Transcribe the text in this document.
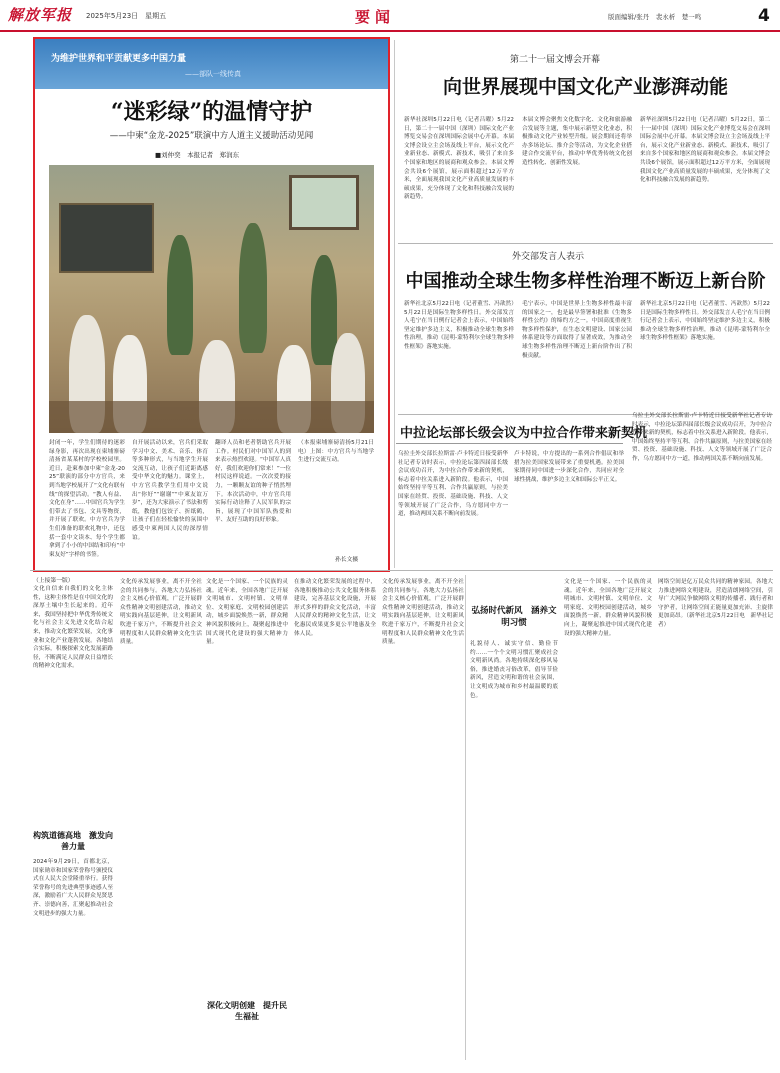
解放军报 2025年5月23日　星期五	要闻	版面编辑/张丹　裴永析　楚一鸣	4
为维护世界和平贡献更多中国力量
——部队一线传真
“迷彩绿”的温情守护
——中柬“金龙-2025”联演中方人道主义援助活动见闻
■刘仲奕　本报记者　郑润东
封闭一年，学生们期待的迷彩绿身影，再次出现在柬埔寨磅清扬省某某村的学校校园里。近日，赴柬参加中柬“金龙-2025”联演的部分中方官兵，来到当地学校展开了“文化有联有线”的探望活动。“教人有益、文化在身”……中国官兵为学生们带去了书包、文具等物资，并开展了联欢。中方官兵为学生们准备的联欢礼物中，还包括一套中文读本、每个学生都拿到了小小的中国结和印有“中柬友好”字样的书签。
自开展活动以来，官兵们采取学习中文、美术、音乐、体育等多种形式，与当地学生开展交流互动，让孩子们近距离感受中华文化的魅力。课堂上，中方官兵教学生们用中文说出“你好”“谢谢”“中柬友谊万岁”，还为大家演示了书法和剪纸，教他们包饺子、折纸鹤，让孩子们在轻松愉快的氛围中感受中柬两国人民的深厚情谊。
翻译人员和老者帮助官兵开展工作。村民们对中国军人的到来表示热烈欢迎。“中国军人真好，我们欢迎你们常来！”一位村民这样说道。一次次爱的接力，一颗颗友谊的种子悄然埋下。本次活动中，中方官兵用实际行动诠释了人民军队的宗旨，展现了中国军队热爱和平、友好互助的良好形象。
（本报柬埔寨磅清扬5月21日电）上图：中方官兵与当地学生进行交流互动。
孙长文摄
第二十一届文博会开幕
向世界展现中国文化产业澎湃动能
新华社深圳5月22日电（记者吕曜）5月22日，第二十一届中国（深圳）国际文化产业博览交易会在深圳国际会展中心开幕。本届文博会设立主会场及线上平台，展示文化产业新业态、新模式、新技术，吸引了来自多个国家和地区的展商和观众参会。本届文博会共设6个展馆，展示面积超过12万平方米，全面展现我国文化产业高质量发展的丰硕成果，充分体现了文化和科技融合发展的新趋势。
本届文博会聚焦文化数字化、文化和旅游融合发展等主题，集中展示新型文化业态，积极推动文化产业转型升级。展会期间还将举办多场论坛、推介会等活动，为文化企业搭建合作交流平台，推动中华优秀传统文化创造性转化、创新性发展。
新华社深圳5月22日电（记者吕曜）5月22日，第二十一届中国（深圳）国际文化产业博览交易会在深圳国际会展中心开幕。本届文博会设立主会场及线上平台，展示文化产业新业态、新模式、新技术，吸引了来自多个国家和地区的展商和观众参会。本届文博会共设6个展馆，展示面积超过12万平方米，全面展现我国文化产业高质量发展的丰硕成果，充分体现了文化和科技融合发展的新趋势。
外交部发言人表示
中国推动全球生物多样性治理不断迈上新台阶
新华社北京5月22日电（记者董雪、冯歆然）5月22日是国际生物多样性日。外交部发言人毛宁在当日例行记者会上表示，中国始终坚定维护多边主义，积极推动全球生物多样性治理，推动《昆明-蒙特利尔全球生物多样性框架》落地实施。
毛宁表示，中国是世界上生物多样性最丰富的国家之一，也是最早签署和批准《生物多样性公约》的缔约方之一。中国高度重视生物多样性保护，在生态文明建设、国家公园体系建设等方面取得了显著成效，为推动全球生物多样性治理不断迈上新台阶作出了积极贡献。
新华社北京5月22日电（记者董雪、冯歆然）5月22日是国际生物多样性日。外交部发言人毛宁在当日例行记者会上表示，中国始终坚定维护多边主义，积极推动全球生物多样性治理，推动《昆明-蒙特利尔全球生物多样性框架》落地实施。
中拉论坛部长级会议为中拉合作带来新契机
乌拉圭外交部长拉斯雷·卢卡特近日接受新华社记者专访时表示，中拉论坛第四届部长级会议成功召开，为中拉合作带来新的契机，标志着中拉关系进入新阶段。他表示，中国始终坚持平等互利、合作共赢原则，与拉美国家在经贸、投资、基础设施、科技、人文等领域开展了广泛合作，乌方愿同中方一道，推动两国关系不断向前发展。
卢卡特说，中方提出的一系列合作倡议和举措为拉美国家发展带来了重要机遇。拉美国家期待同中国进一步深化合作，共同应对全球性挑战，维护多边主义和国际公平正义。
乌拉圭外交部长拉斯雷·卢卡特近日接受新华社记者专访时表示，中拉论坛第四届部长级会议成功召开，为中拉合作带来新的契机，标志着中拉关系进入新阶段。他表示，中国始终坚持平等互利、合作共赢原则，与拉美国家在经贸、投资、基础设施、科技、人文等领域开展了广泛合作，乌方愿同中方一道，推动两国关系不断向前发展。
（上接第一版）
文化自信来自我们的文化主体性，这种主体性是在中国文化的深厚土壤中生长起来的。近年来，我国坚持把中华优秀传统文化与社会主义先进文化结合起来，推动文化繁荣发展，文化事业和文化产业蓬勃发展。各地结合实际，积极探索文化发展新路径，不断满足人民群众日益增长的精神文化需求。
构筑道德高地　激发向善力量
2024年9月29日，首都北京，国家勋章和国家荣誉称号颁授仪式在人民大会堂隆重举行。获得荣誉称号的先进典型事迹感人至深，激励着广大人民群众见贤思齐、崇德向善，汇聚起推动社会文明进步的强大力量。
文化传承发展事业，离不开全社会的共同参与。各地大力弘扬社会主义核心价值观，广泛开展群众性精神文明创建活动，推动文明实践向基层延伸，让文明新风吹进千家万户，不断提升社会文明程度和人民群众精神文化生活质量。
深化文明创建　提升民生福祉
文化是一个国家、一个民族的灵魂。近年来，全国各地广泛开展文明城市、文明村镇、文明单位、文明家庭、文明校园创建活动，城乡面貌焕然一新，群众精神风貌积极向上，凝聚起推进中国式现代化建设的强大精神力量。
在推动文化繁荣发展的过程中，各地积极推动公共文化服务体系建设，完善基层文化设施，开展形式多样的群众文化活动，丰富人民群众的精神文化生活，让文化惠民成果更多更公平地惠及全体人民。
文化传承发展事业，离不开全社会的共同参与。各地大力弘扬社会主义核心价值观，广泛开展群众性精神文明创建活动，推动文明实践向基层延伸，让文明新风吹进千家万户，不断提升社会文明程度和人民群众精神文化生活质量。
弘扬时代新风　涵养文明习惯
礼貌待人、诚实守信、勤俭节约……一个个文明习惯汇聚成社会文明新风尚。各地持续深化移风易俗，推进婚丧习俗改革，倡导节俭新风，营造文明和谐的社会氛围，让文明成为城市和乡村最温暖的底色。
文化是一个国家、一个民族的灵魂。近年来，全国各地广泛开展文明城市、文明村镇、文明单位、文明家庭、文明校园创建活动，城乡面貌焕然一新，群众精神风貌积极向上，凝聚起推进中国式现代化建设的强大精神力量。
网络空间是亿万民众共同的精神家园。各地大力推进网络文明建设，营造清朗网络空间，引导广大网民争做网络文明的传播者、践行者和守护者，让网络空间正能量更加充沛、主旋律更加高昂。（新华社北京5月22日电　新华社记者）
